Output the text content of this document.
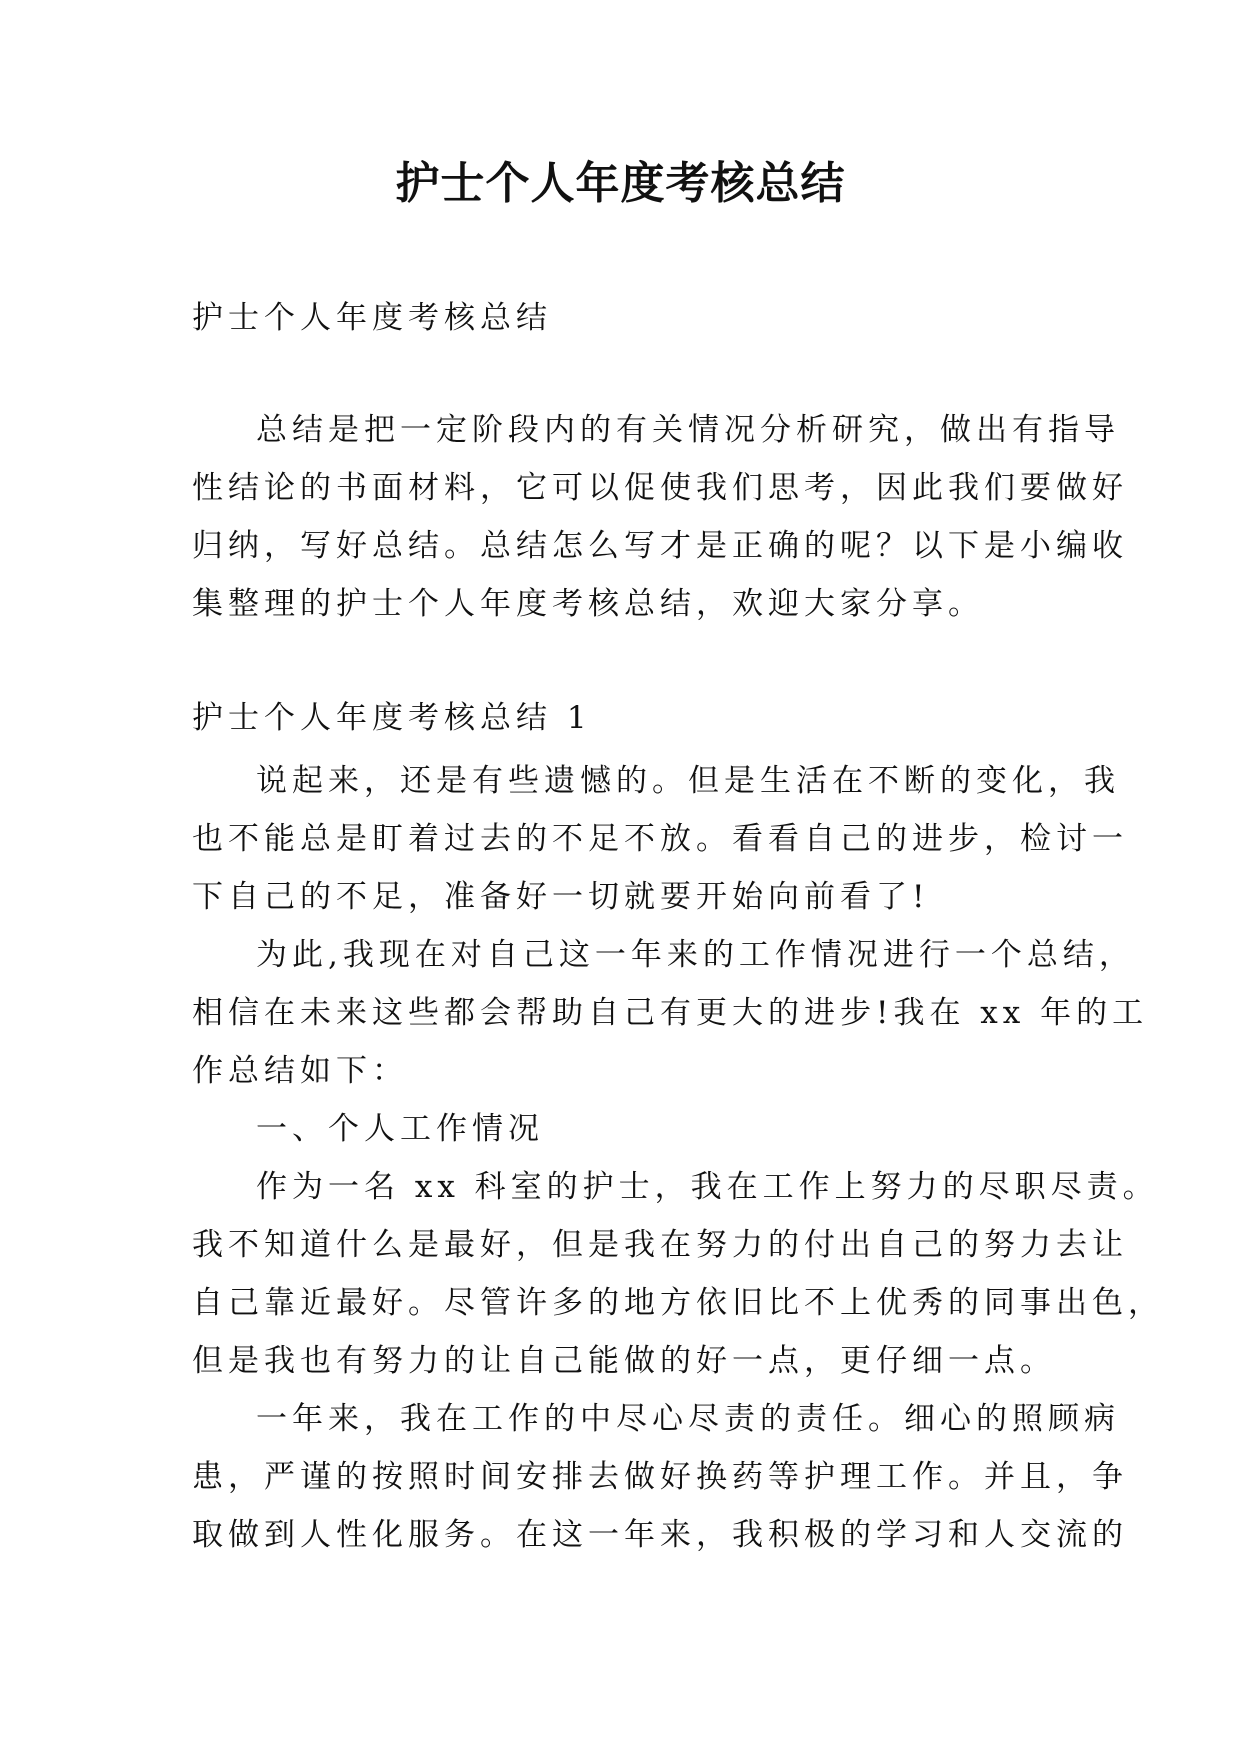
护士个人年度考核总结
护士个人年度考核总结
总结是把一定阶段内的有关情况分析研究，做出有指导
性结论的书面材料，它可以促使我们思考，因此我们要做好
归纳，写好总结。总结怎么写才是正确的呢？以下是小编收
集整理的护士个人年度考核总结，欢迎大家分享。
护士个人年度考核总结 1
说起来，还是有些遗憾的。但是生活在不断的变化，我
也不能总是盯着过去的不足不放。看看自己的进步，检讨一
下自己的不足，准备好一切就要开始向前看了!
为此,我现在对自己这一年来的工作情况进行一个总结，
相信在未来这些都会帮助自己有更大的进步!我在 xx 年的工
作总结如下：
一、个人工作情况
作为一名 xx 科室的护士，我在工作上努力的尽职尽责。
我不知道什么是最好，但是我在努力的付出自己的努力去让
自己靠近最好。尽管许多的地方依旧比不上优秀的同事出色，
但是我也有努力的让自己能做的好一点，更仔细一点。
一年来，我在工作的中尽心尽责的责任。细心的照顾病
患，严谨的按照时间安排去做好换药等护理工作。并且，争
取做到人性化服务。在这一年来，我积极的学习和人交流的
